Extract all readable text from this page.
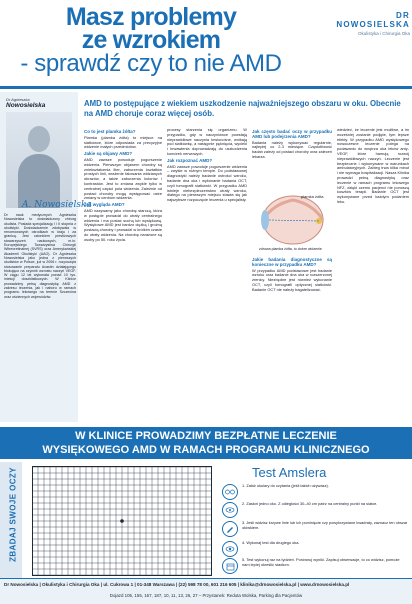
Masz problemy
ze wzrokiem
- sprawdź czy to nie AMD
DR NOWOSIELSKA
Okulistyka i Chirurgia Oka
Dr Agnieszka
Nowosielska
A. Nowosielska
Dr nauk medycznych Agnieszka Nowosielska to doświadczony chirurg okulista. Posiada specjalizację I i II stopnia z okulistyki. Doświadczenie zdobywała w renomowanych ośrodkach w kraju i za granicą. Jest członkiem prestiżowych stowarzyszeń naukowych, m.in. Europejskiego Towarzystwa Chirurgii Witreoretinalnej (SVRS) oraz Amerykańskiej Akademii Okulistyki (AAO). Dr Agnieszka Nowosielska jako jedna z pierwszych okulistów w Polsce, już w 2006 r. rozpoczęła stosowanie preparatu Avastin działającego blokująco na czynnik wzrostu naczyń VEGF. W ciągu 12 lat wykonała ponad 10 tys. iniekcji doszklistkowych. W Klinice prowadzimy pełną diagnostykę AMD z zakresu leczenia, jak i naboru w ramach programu lekowego na terenie Szczecina oraz ościennych województw.
AMD to postępujące z wiekiem uszkodzenie najważniejszego obszaru w oku. Obecnie na AMD choruje coraz więcej osób.
Co to jest plamka żółta?

Plamka (plamka żółta) to miejsce na siatkówce, które odpowiada za precyzyjne widzenie małych przedmiotów.

Jakie są objawy AMD?

AMD zawsze powoduje pogorszenie widzenia. Pierwszym objawem choroby są zniekształcenia liter, zaburzenia kształtów prostych linii, wrażenie falowania widzianych obrazów, a także zaburzenia kolorów i kontrastów. Jest to zmiana zwykle tylko w centralnej części pola widzenia. Zależnie od postaci choroby mogą występować ostre zmiany w centrum widzenia.

Jak wygląda AMD?

AMD nazywamy jako chorobę starczą, która w postępie prowadzi do utraty centralnego widzenia i ma postać suchą lub wysiękową. Wysiękowe AMD jest bardzo ciężką i groźną postacią choroby i prowadzi w krótkim czasie do utraty widzenia. Na chorobę narażone są osoby po 50. roku życia.

procesy starzenia się organizmu. W przypadku, gdy w naczyniówce powstają nieprawidłowe naczynia krwionośne, wnikają pod siatkówkę, a następnie pęknięcia, wycieki i krwawienia doprowadzają do uszkodzenia komórek nerwowych.

Jak rozpoznać AMD?

AMD zawsze powoduje pogorszenie widzenia – zwykle w różnym tempie. Do podstawowej diagnostyki należy badanie ostrości wzroku, badanie dna oka i wykonanie badania OCT, czyli tomografii siatkówki. W przypadku AMD istnieje niebezpieczeństwo utraty wzroku, dlatego na pierwszym miejscu stawia się jak najszybsze rozpoczęcie leczenia u specjalisty.

Jak często badać oczy w przypadku AMD lub podejrzenia AMD?

Badania należy wykonywać regularnie, najlepiej co 2-3 miesiące. Częstotliwość badań zależy od postaci choroby oraz zaleceń lekarza.

plamka żółta
zdrowa plamka żółta, to dobre widzenie
Jakie badania diagnostyczne są konieczne w przypadku AMD?

W przypadku AMD podstawowe jest badanie wzroku oraz badanie dna oka w rozszerzonej źrenicy. Niezbędne jest również wykonanie OCT, czyli tomografii optycznej siatkówki. Badanie OCT nie należy bagatelizować.

wiedzieć, że leczenie jest możliwe, a im wcześniej zostanie podjęte, tym lepsze efekty. W przypadku AMD wysiękowego nowoczesne leczenie polega na podawaniu do wnętrza oka leków anty-VEGF, które hamują rozwój nieprawidłowych naczyń. Leczenie jest bezpieczne i wykonywane w warunkach ambulatoryjnych. Zabieg trwa kilka minut i nie wymaga hospitalizacji. Nasza Klinika prowadzi pełną diagnostykę oraz leczenie w ramach programu lekowego NFZ, dzięki czemu pacjenci nie ponoszą kosztów terapii. Badanie OCT jest wykonywane przed każdym podaniem leku.

W KLINICE PROWADZIMY BEZPŁATNE LECZENIE
WYSIĘKOWEGO AMD W RAMACH PROGRAMU KLINICZNEGO
ZBADAJ SWOJE OCZY	Test Amslera
1. Załóż okulary do czytania (jeśli takich używasz).
2. Zasłoń jedno oko. Z odległości 30–40 cm patrz na centralny punkt na siatce.
3. Jeśli widzisz krzywe linie lub ich pominięcie czy powykrzywiane kwadraty, zaznacz ten obszar ołówkiem.
4. Wykonaj test dla drugiego oka.
5. Test wykonuj raz na tydzień. Porównuj wyniki. Zapisuj obserwacje, to co widzisz, pomoże nam lepiej określić stadium.
Dr Nowosielska | Okulistyka i Chirurgia Oka | ul. Cukrowa 1 | 01-348 Warszawa | (22) 598 78 00, 601 216 605 | klinika@drnowosielska.pl | www.drnowosielska.pl
Dojazd 105, 155, 167, 187, 10, 11, 13, 26, 27 – Przystanek: Reduta Wolska, Parking dla Pacjentów
